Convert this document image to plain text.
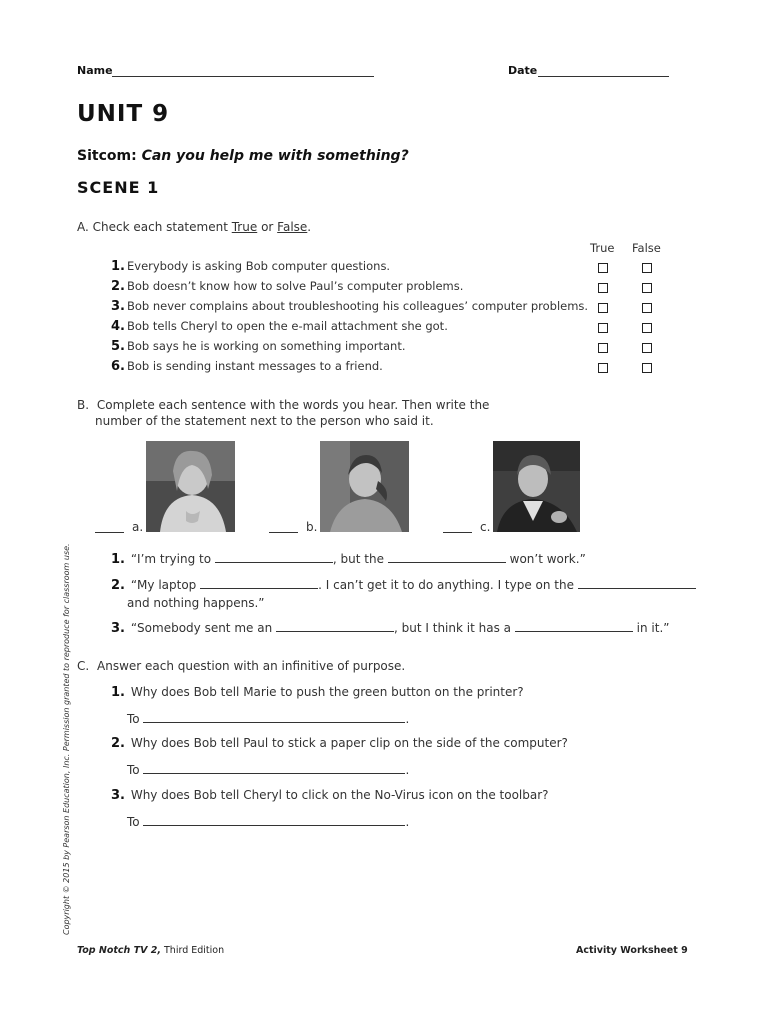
Name	Date
UNIT 9
Sitcom: Can you help me with something?
SCENE 1
A. Check each statement True or False.
True False
1. Everybody is asking Bob computer questions.
2. Bob doesn’t know how to solve Paul’s computer problems.
3. Bob never complains about troubleshooting his colleagues’ computer problems.
4. Bob tells Cheryl to open the e-mail attachment she got.
5. Bob says he is working on something important.
6. Bob is sending instant messages to a friend.
B. Complete each sentence with the words you hear. Then write the
number of the statement next to the person who said it.
a.	b.	c.
1. “I’m trying to	, but the	won’t work.”
2. “My laptop	. I can’t get it to do anything. I type on the
and nothing happens.”
3. “Somebody sent me an	, but I think it has a	in it.”
C. Answer each question with an infinitive of purpose.
1. Why does Bob tell Marie to push the green button on the printer?
To	.
2. Why does Bob tell Paul to stick a paper clip on the side of the computer?
To	.
3. Why does Bob tell Cheryl to click on the No-Virus icon on the toolbar?
To	.
Copyright © 2015 by Pearson Education, Inc. Permission granted to reproduce for classroom use.
Top Notch TV 2, Third Edition	Activity Worksheet 9
